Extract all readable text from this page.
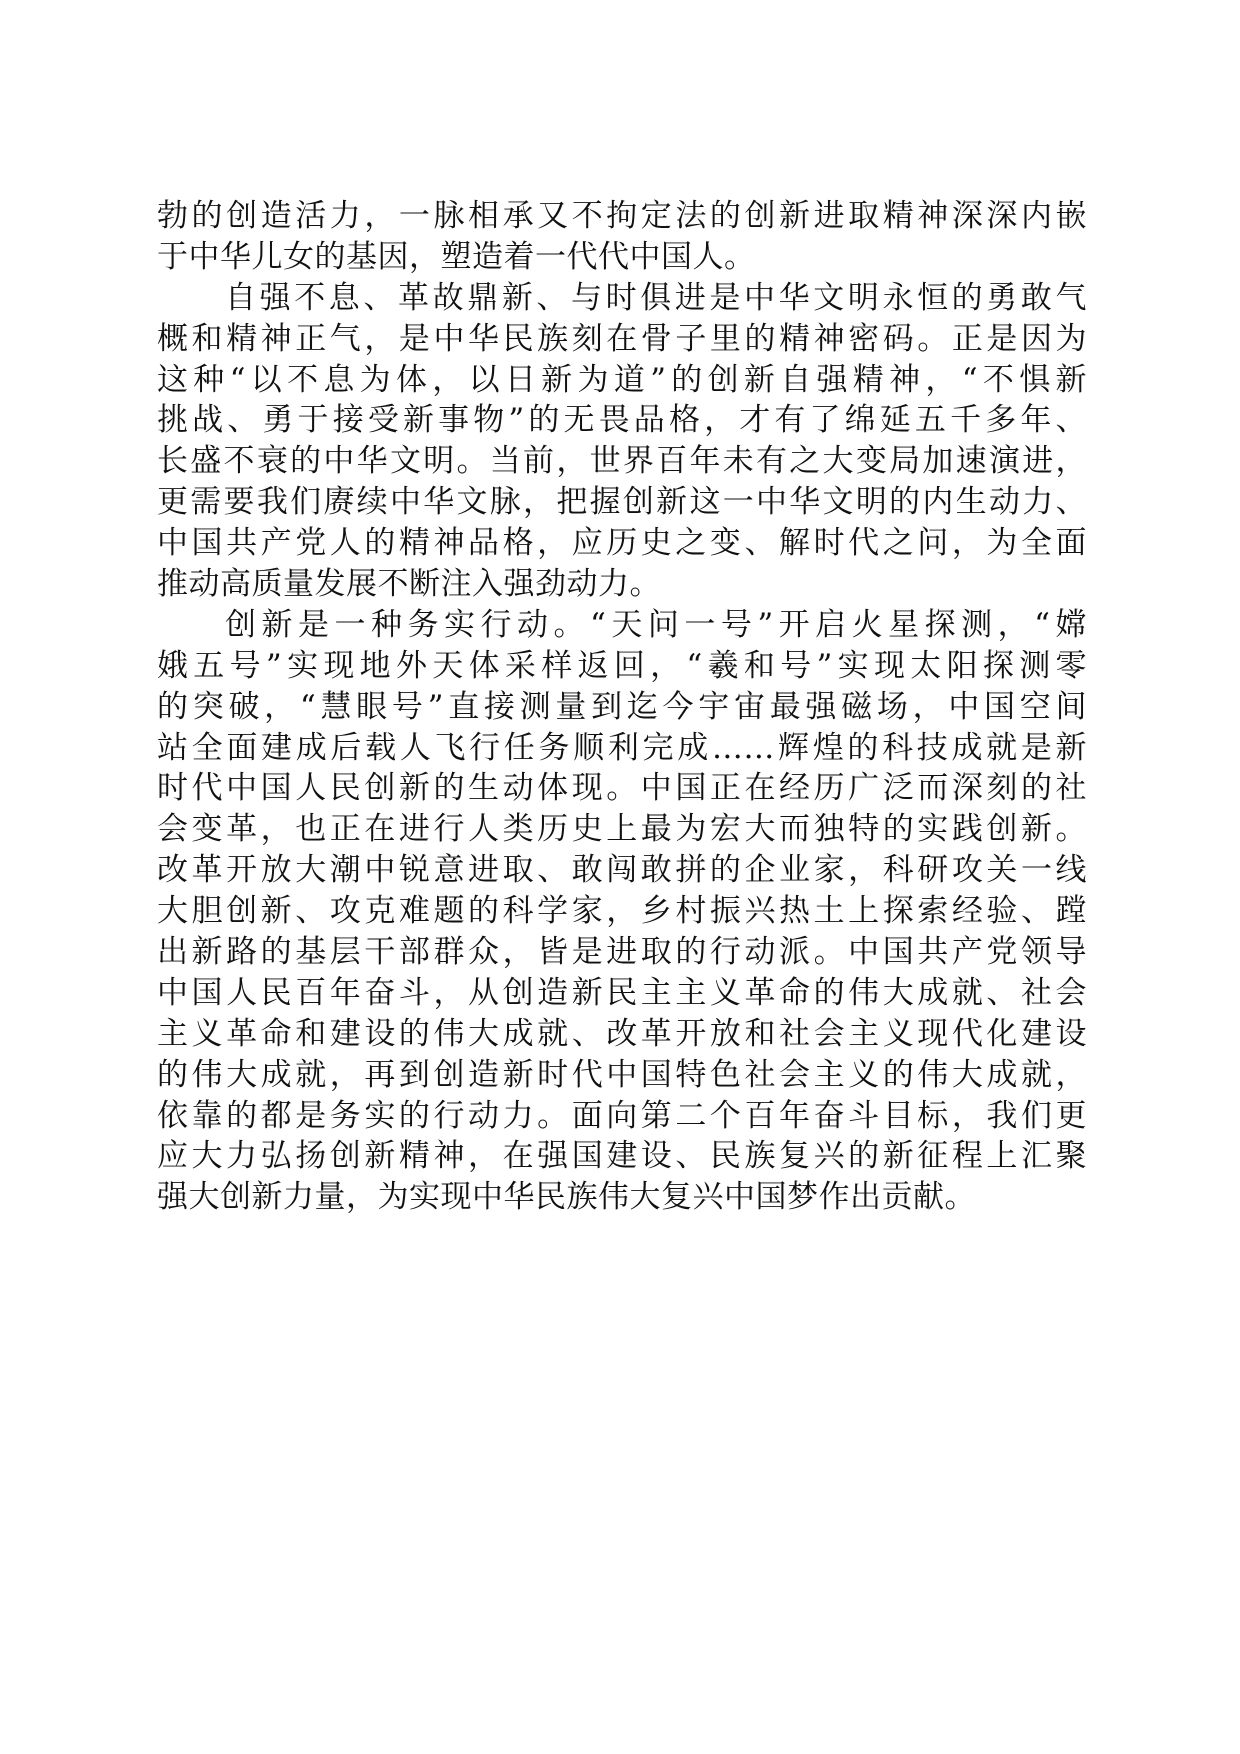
勃的创造活力，一脉相承又不拘定法的创新进取精神深深内嵌
于中华儿女的基因，塑造着一代代中国人。
自强不息、革故鼎新、与时俱进是中华文明永恒的勇敢气
概和精神正气，是中华民族刻在骨子里的精神密码。正是因为
这种“以不息为体，以日新为道”的创新自强精神，“不惧新
挑战、勇于接受新事物”的无畏品格，才有了绵延五千多年、
长盛不衰的中华文明。当前，世界百年未有之大变局加速演进，
更需要我们赓续中华文脉，把握创新这一中华文明的内生动力、
中国共产党人的精神品格，应历史之变、解时代之问，为全面
推动高质量发展不断注入强劲动力。
创新是一种务实行动。“天问一号”开启火星探测，“嫦
娥五号”实现地外天体采样返回，“羲和号”实现太阳探测零
的突破，“慧眼号”直接测量到迄今宇宙最强磁场，中国空间
站全面建成后载人飞行任务顺利完成……辉煌的科技成就是新
时代中国人民创新的生动体现。中国正在经历广泛而深刻的社
会变革，也正在进行人类历史上最为宏大而独特的实践创新。
改革开放大潮中锐意进取、敢闯敢拼的企业家，科研攻关一线
大胆创新、攻克难题的科学家，乡村振兴热土上探索经验、蹚
出新路的基层干部群众，皆是进取的行动派。中国共产党领导
中国人民百年奋斗，从创造新民主主义革命的伟大成就、社会
主义革命和建设的伟大成就、改革开放和社会主义现代化建设
的伟大成就，再到创造新时代中国特色社会主义的伟大成就，
依靠的都是务实的行动力。面向第二个百年奋斗目标，我们更
应大力弘扬创新精神，在强国建设、民族复兴的新征程上汇聚
强大创新力量，为实现中华民族伟大复兴中国梦作出贡献。
